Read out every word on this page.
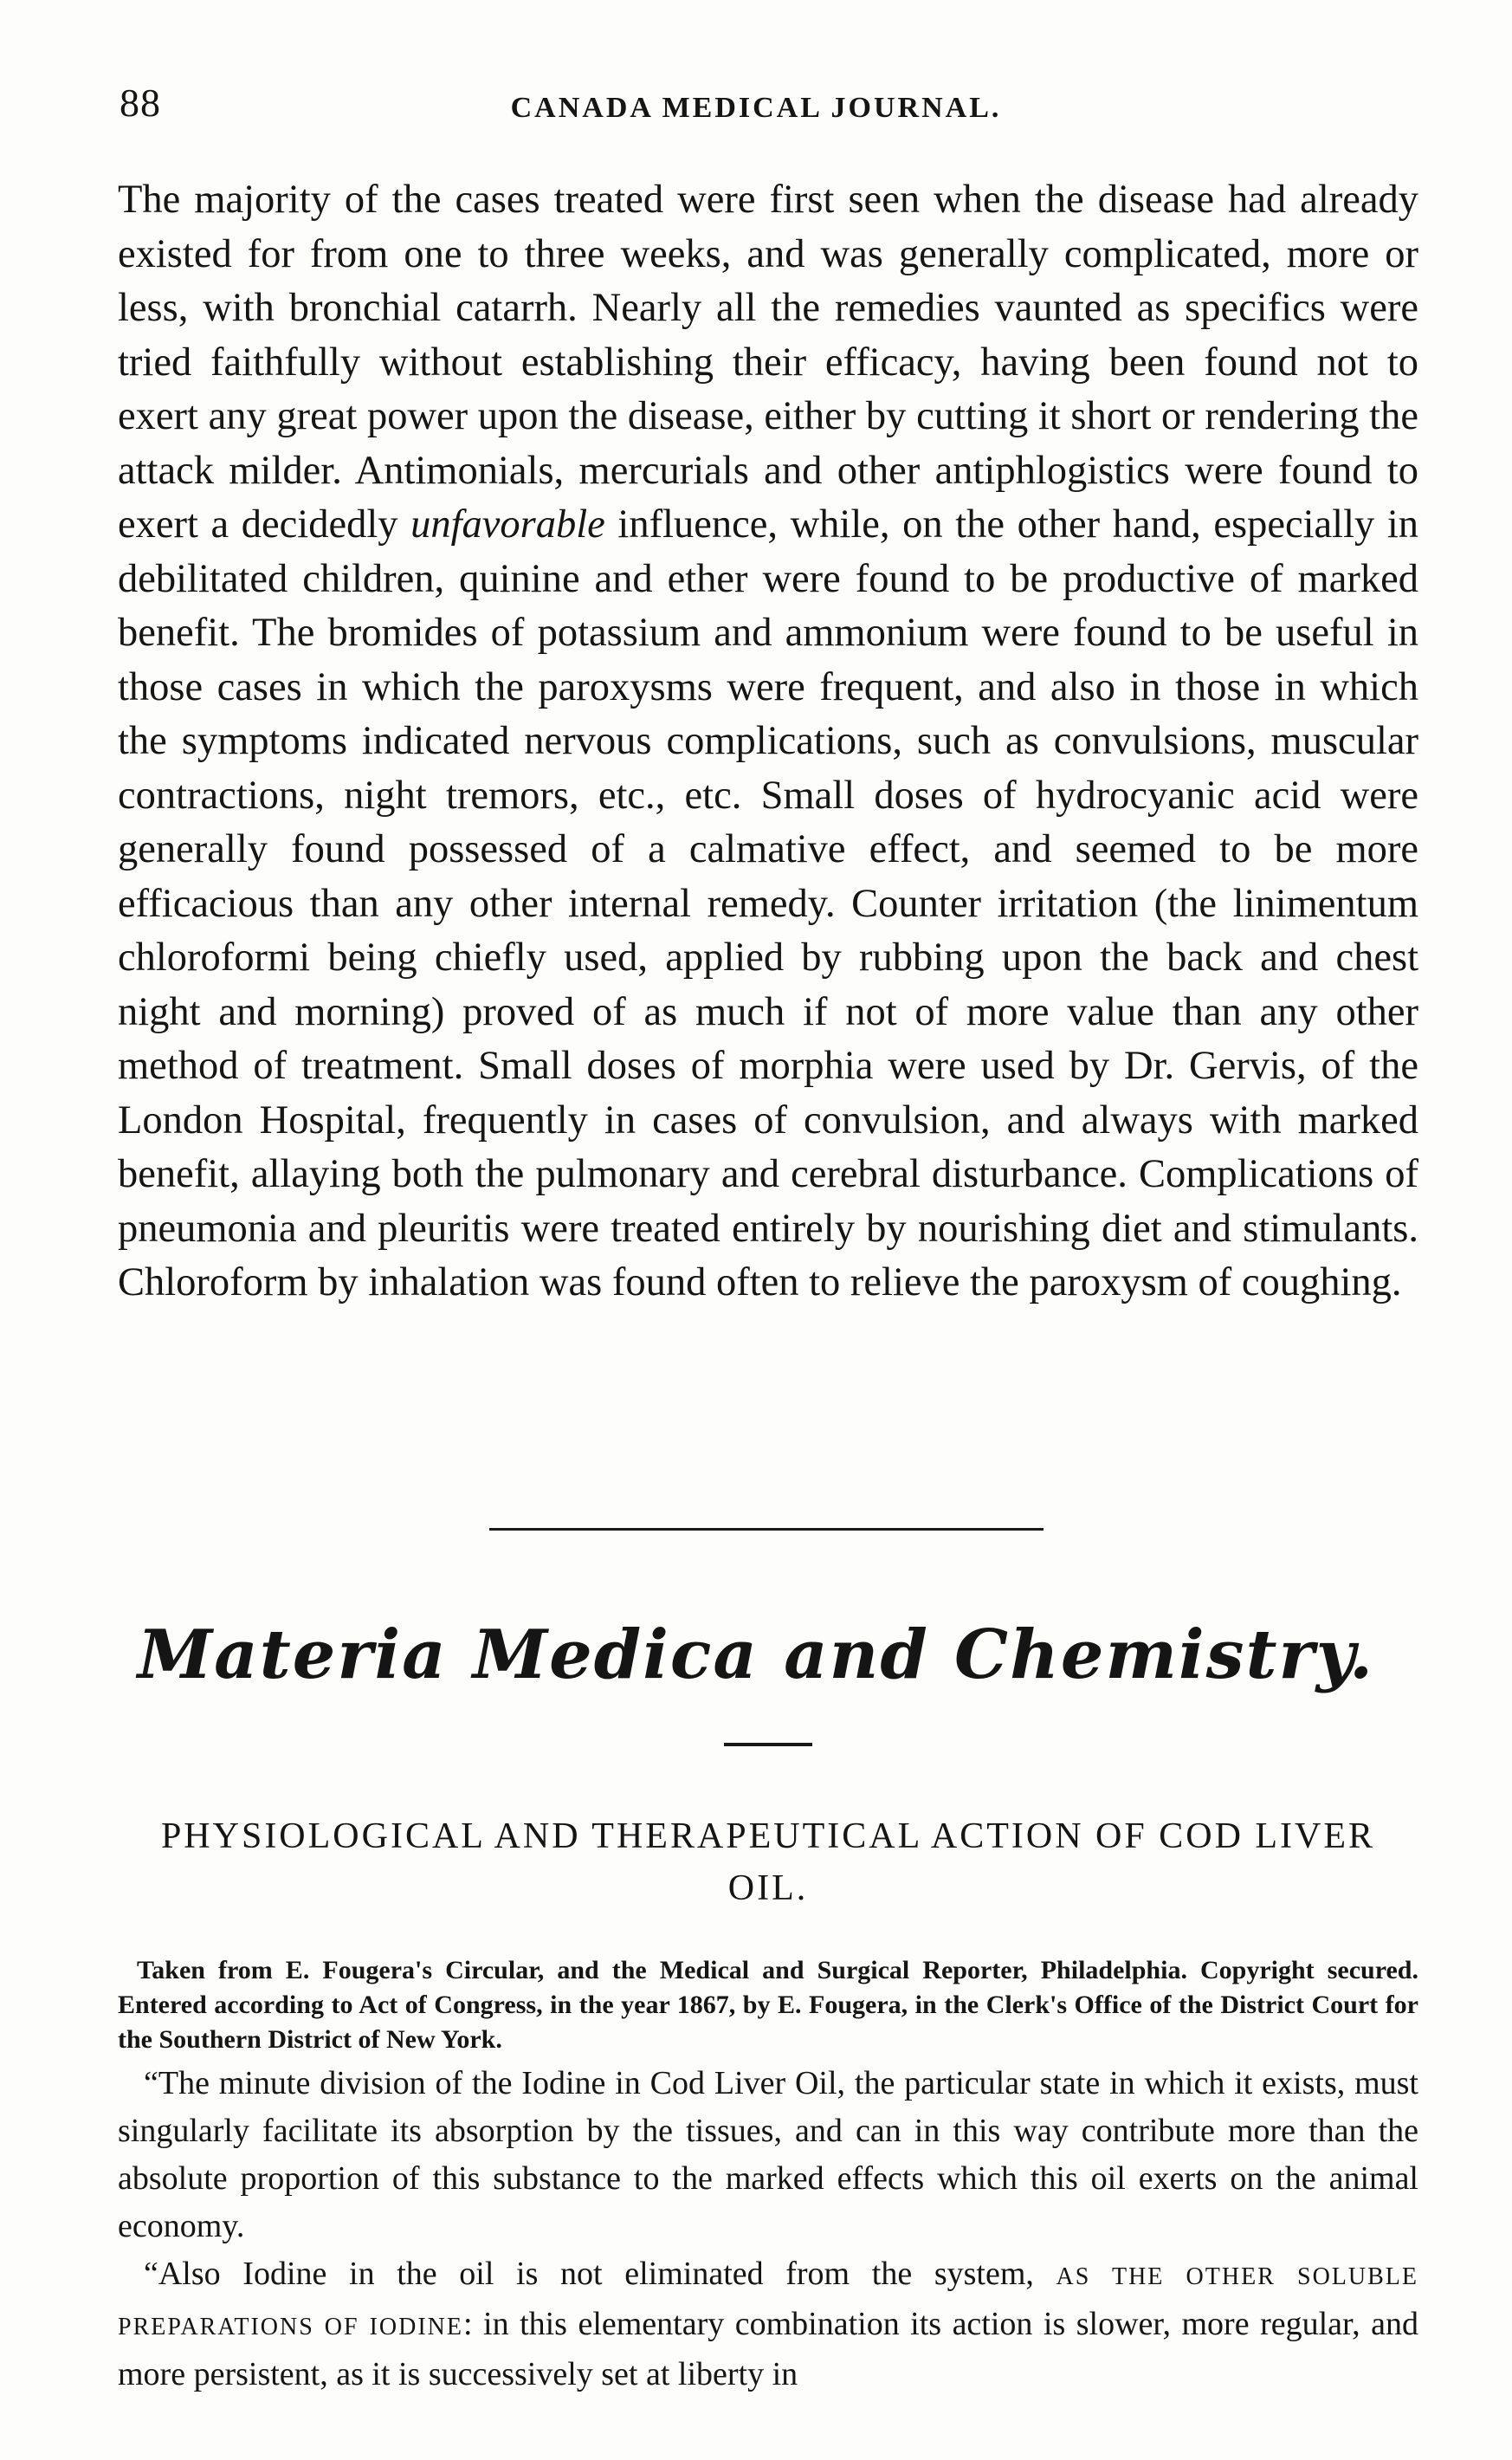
88	CANADA MEDICAL JOURNAL.

The majority of the cases treated were first seen when the disease had already existed for from one to three weeks, and was generally complicated, more or less, with bronchial catarrh. Nearly all the remedies vaunted as specifics were tried faithfully without establishing their efficacy, having been found not to exert any great power upon the disease, either by cutting it short or rendering the attack milder. Antimonials, mercurials and other antiphlogistics were found to exert a decidedly unfavorable influence, while, on the other hand, especially in debilitated children, quinine and ether were found to be productive of marked benefit. The bromides of potassium and ammonium were found to be useful in those cases in which the paroxysms were frequent, and also in those in which the symptoms indicated nervous complications, such as convulsions, muscular contractions, night tremors, etc., etc. Small doses of hydrocyanic acid were generally found possessed of a calmative effect, and seemed to be more efficacious than any other internal remedy. Counter irritation (the linimentum chloroformi being chiefly used, applied by rubbing upon the back and chest night and morning) proved of as much if not of more value than any other method of treatment. Small doses of morphia were used by Dr. Gervis, of the London Hospital, frequently in cases of convulsion, and always with marked benefit, allaying both the pulmonary and cerebral disturbance. Complications of pneumonia and pleuritis were treated entirely by nourishing diet and stimulants. Chloroform by inhalation was found often to relieve the paroxysm of coughing.

Materia Medica and Chemistry.
PHYSIOLOGICAL AND THERAPEUTICAL ACTION OF COD LIVER OIL.
Taken from E. Fougera's Circular, and the Medical and Surgical Reporter, Philadelphia. Copyright secured. Entered according to Act of Congress, in the year 1867, by E. Fougera, in the Clerk's Office of the District Court for the Southern District of New York.

“The minute division of the Iodine in Cod Liver Oil, the particular state in which it exists, must singularly facilitate its absorption by the tissues, and can in this way contribute more than the absolute proportion of this substance to the marked effects which this oil exerts on the animal economy.

“Also Iodine in the oil is not eliminated from the system, AS THE OTHER SOLUBLE PREPARATIONS OF IODINE: in this elementary combination its action is slower, more regular, and more persistent, as it is successively set at liberty in
